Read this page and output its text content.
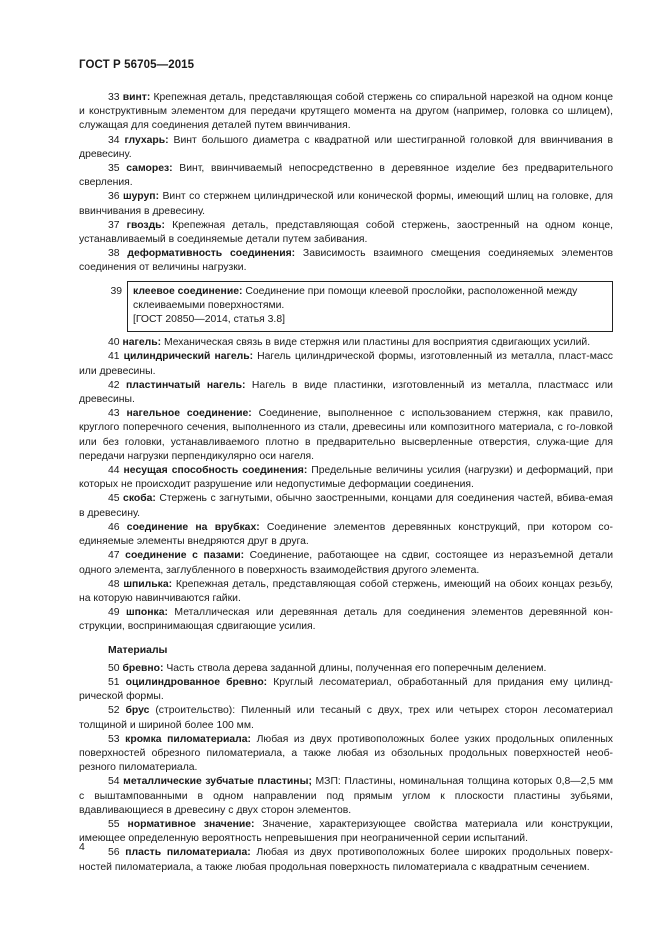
ГОСТ Р 56705—2015

33 винт: Крепежная деталь, представляющая собой стержень со спиральной нарезкой на одном конце и конструктивным элементом для передачи крутящего момента на другом (например, головка со шлицем), служащая для соединения деталей путем ввинчивания.

34 глухарь: Винт большого диаметра с квадратной или шестигранной головкой для ввинчивания в древесину.

35 саморез: Винт, ввинчиваемый непосредственно в деревянное изделие без предварительного сверления.

36 шуруп: Винт со стержнем цилиндрической или конической формы, имеющий шлиц на головке, для ввинчивания в древесину.

37 гвоздь: Крепежная деталь, представляющая собой стержень, заостренный на одном конце, устанавливаемый в соединяемые детали путем забивания.

38 деформативность соединения: Зависимость взаимного смещения соединяемых элементов соединения от величины нагрузки.

39	клеевое соединение: Соединение при помощи клеевой прослойки, расположенной между склеиваемыми поверхностями.

[ГОСТ 20850—2014, статья 3.8]

40 нагель: Механическая связь в виде стержня или пластины для восприятия сдвигающих усилий.

41 цилиндрический нагель: Нагель цилиндрической формы, изготовленный из металла, пласт-масс или древесины.

42 пластинчатый нагель: Нагель в виде пластинки, изготовленный из металла, пластмасс или древесины.

43 нагельное соединение: Соединение, выполненное с использованием стержня, как правило, круглого поперечного сечения, выполненного из стали, древесины или композитного материала, с го-ловкой или без головки, устанавливаемого плотно в предварительно высверленные отверстия, служа-щие для передачи нагрузки перпендикулярно оси нагеля.

44 несущая способность соединения: Предельные величины усилия (нагрузки) и деформаций, при которых не происходит разрушение или недопустимые деформации соединения.

45 скоба: Стержень с загнутыми, обычно заостренными, концами для соединения частей, вбива-емая в древесину.

46 соединение на врубках: Соединение элементов деревянных конструкций, при котором со-единяемые элементы внедряются друг в друга.

47 соединение с пазами: Соединение, работающее на сдвиг, состоящее из неразъемной детали одного элемента, заглубленного в поверхность взаимодействия другого элемента.

48 шпилька: Крепежная деталь, представляющая собой стержень, имеющий на обоих концах резьбу, на которую навинчиваются гайки.

49 шпонка: Металлическая или деревянная деталь для соединения элементов деревянной кон-струкции, воспринимающая сдвигающие усилия.

Материалы

50 бревно: Часть ствола дерева заданной длины, полученная его поперечным делением.

51 оцилиндрованное бревно: Круглый лесоматериал, обработанный для придания ему цилинд-рической формы.

52 брус (строительство): Пиленный или тесаный с двух, трех или четырех сторон лесоматериал толщиной и шириной более 100 мм.

53 кромка пиломатериала: Любая из двух противоположных более узких продольных опиленных поверхностей обрезного пиломатериала, а также любая из обзольных продольных поверхностей необ-резного пиломатериала.

54 металлические зубчатые пластины; МЗП: Пластины, номинальная толщина которых 0,8—2,5 мм с выштампованными в одном направлении под прямым углом к плоскости пластины зубьями, вдавливающиеся в древесину с двух сторон элементов.

55 нормативное значение: Значение, характеризующее свойства материала или конструкции, имеющее определенную вероятность непревышения при неограниченной серии испытаний.

56 пласть пиломатериала: Любая из двух противоположных более широких продольных поверх-ностей пиломатериала, а также любая продольная поверхность пиломатериала с квадратным сечением.

4
